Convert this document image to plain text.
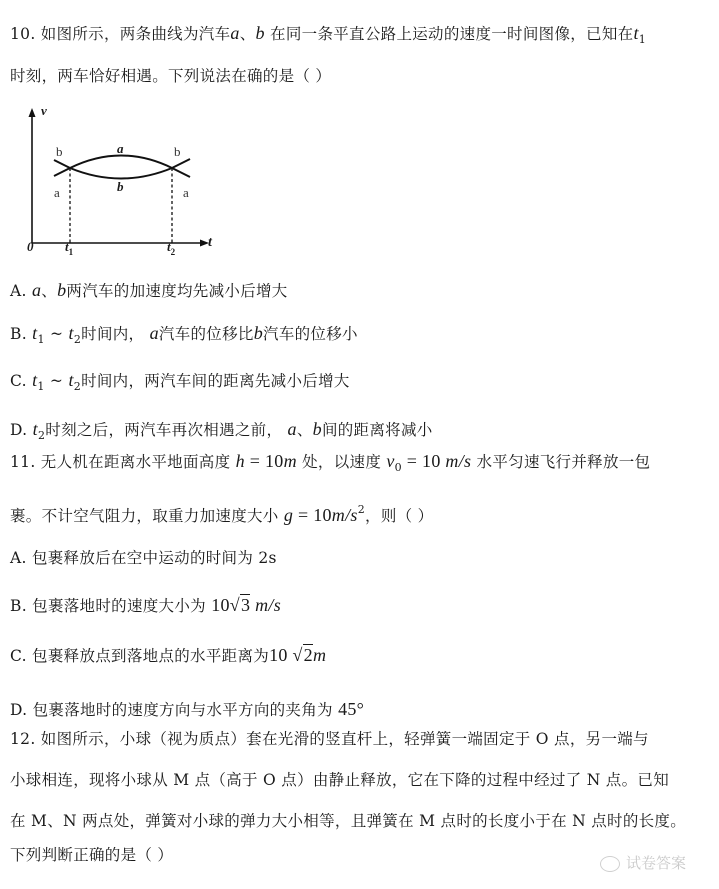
10. 如图所示，两条曲线为汽车a、b 在同一条平直公路上运动的速度一时间图像，已知在$t_1$
时刻，两车恰好相遇。下列说法在确的是（ ）
v
t
0 $t_1$	$t_2$
b
a
a
b
b
a
A. a、b两汽车的加速度均先减小后增大
B. $t_1$ ~ $t_2$时间内， a汽车的位移比b汽车的位移小
C. $t_1$ ~ $t_2$时间内，两汽车间的距离先减小后增大
D. $t_2$时刻之后，两汽车再次相遇之前， a、b间的距离将减小
11. 无人机在距离水平地面高度 h = 10m 处，以速度 $v_0 = 10$ m/s 水平匀速飞行并释放一包
裹。不计空气阻力，取重力加速度大小 $g = 10m/s^2$，则（ ）
A. 包裹释放后在空中运动的时间为 2s
B. 包裹落地时的速度大小为 10√3 m/s
C. 包裹释放点到落地点的水平距离为10 √2m
D. 包裹落地时的速度方向与水平方向的夹角为 45°
12. 如图所示，小球（视为质点）套在光滑的竖直杆上，轻弹簧一端固定于 O 点，另一端与
小球相连，现将小球从 M 点（高于 O 点）由静止释放，它在下降的过程中经过了 N 点。已知
在 M、N 两点处，弹簧对小球的弹力大小相等，且弹簧在 M 点时的长度小于在 N 点时的长度。
下列判断正确的是（ ）	试卷答案
